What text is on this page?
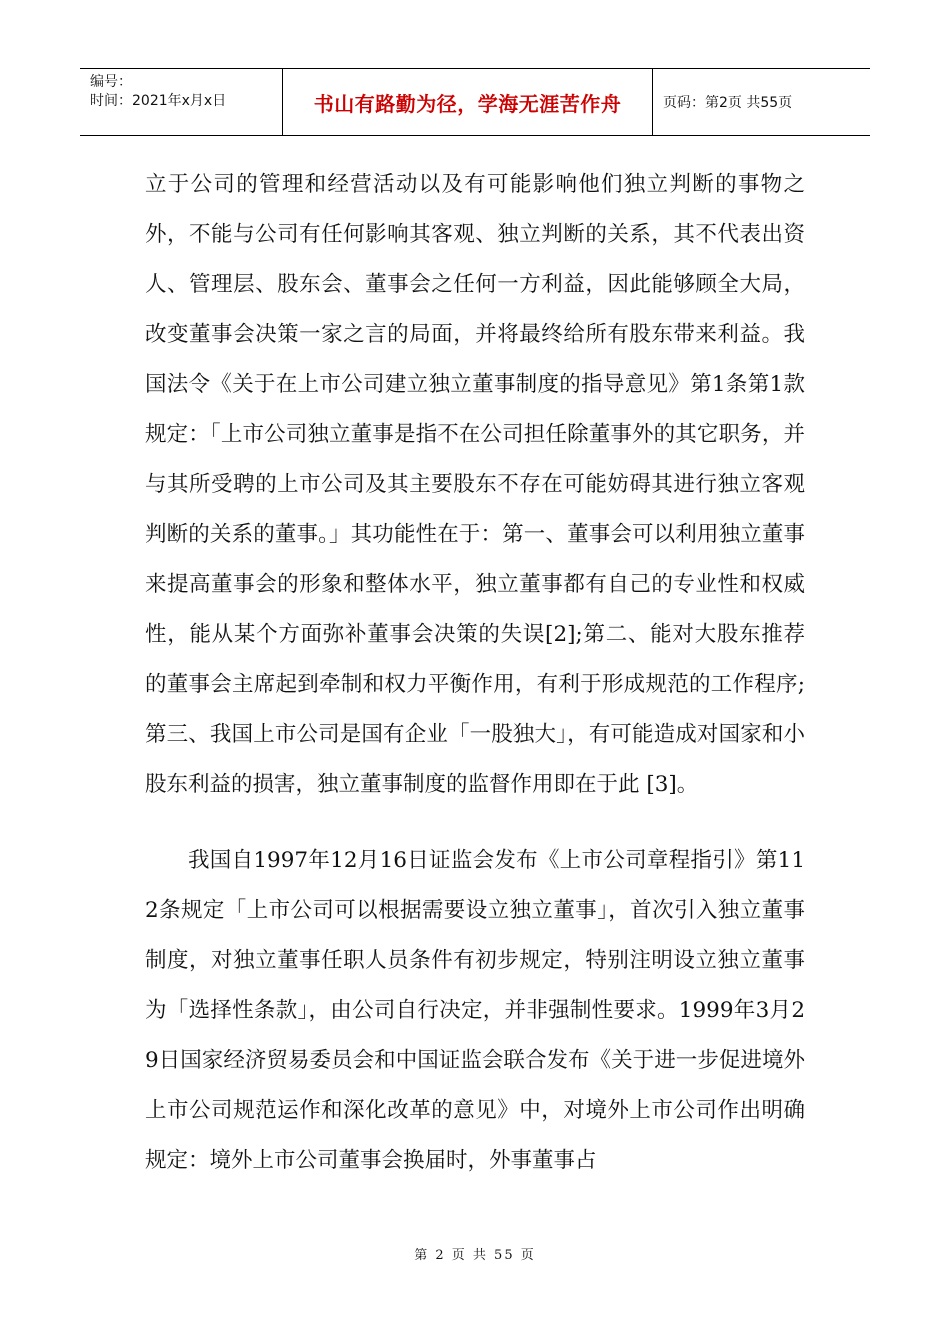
编号：
时间：2021年x月x日	书山有路勤为径，学海无涯苦作舟	页码：第2页 共55页

立于公司的管理和经营活动以及有可能影响他们独立判断的事物之外，不能与公司有任何影响其客观、独立判断的关系，其不代表出资人、管理层、股东会、董事会之任何一方利益，因此能够顾全大局，改变董事会决策一家之言的局面，并将最终给所有股东带来利益。我国法令《关于在上市公司建立独立董事制度的指导意见》第1条第1款规定：「上市公司独立董事是指不在公司担任除董事外的其它职务，并与其所受聘的上市公司及其主要股东不存在可能妨碍其进行独立客观判断的关系的董事。」其功能性在于：第一、董事会可以利用独立董事来提高董事会的形象和整体水平，独立董事都有自己的专业性和权威性，能从某个方面弥补董事会决策的失误[2];第二、能对大股东推荐的董事会主席起到牵制和权力平衡作用，有利于形成规范的工作程序;第三、我国上市公司是国有企业「一股独大」，有可能造成对国家和小股东利益的损害，独立董事制度的监督作用即在于此 [3]。

我国自1997年12月16日证监会发布《上市公司章程指引》第112条规定「上市公司可以根据需要设立独立董事」，首次引入独立董事制度，对独立董事任职人员条件有初步规定，特别注明设立独立董事为「选择性条款」，由公司自行决定，并非强制性要求。1999年3月29日国家经济贸易委员会和中国证监会联合发布《关于进一步促进境外上市公司规范运作和深化改革的意见》中，对境外上市公司作出明确规定：境外上市公司董事会换届时，外事董事占

第 2 页 共 55 页
